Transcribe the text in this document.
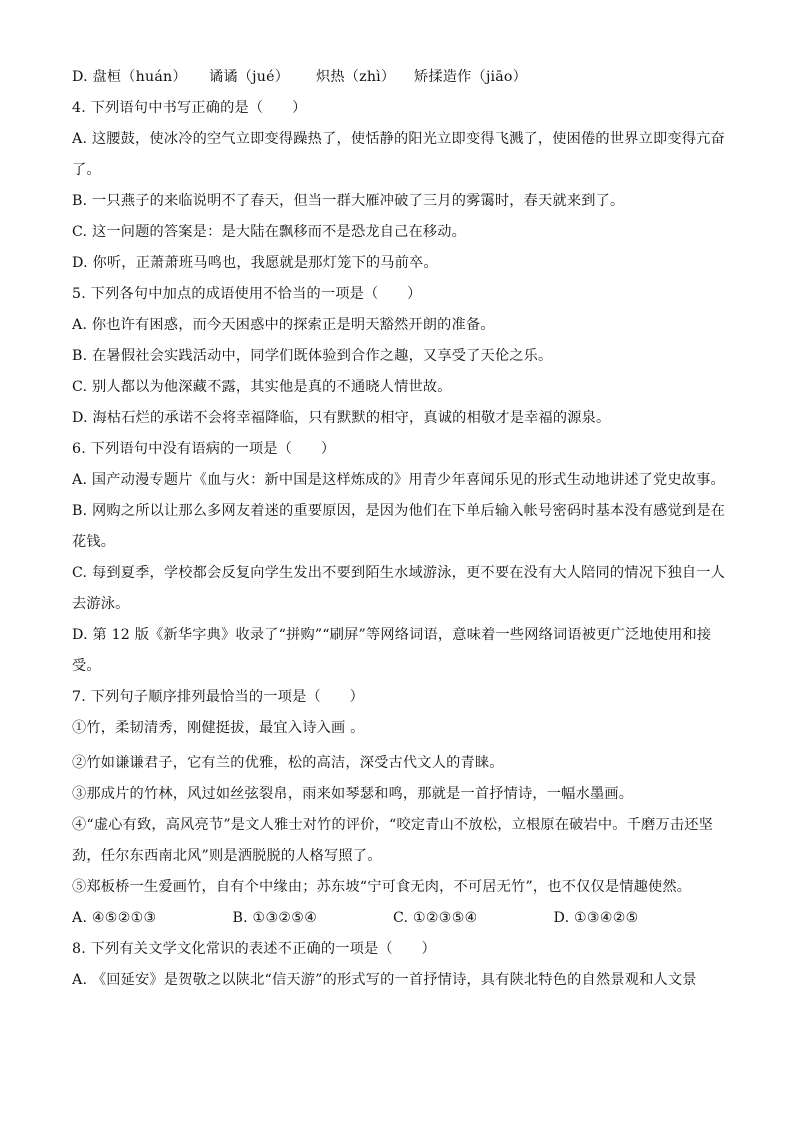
D. 盘桓（huán）	谲谲（jué）	炽热（zhì）	矫揉造作（jiāo）
4. 下列语句中书写正确的是（　　）
A. 这腰鼓，使冰冷的空气立即变得躁热了，使恬静的阳光立即变得飞溅了，使困倦的世界立即变得亢奋
了。
B. 一只燕子的来临说明不了春天，但当一群大雁冲破了三月的雾霭时，春天就来到了。
C. 这一问题的答案是：是大陆在飘移而不是恐龙自己在移动。
D. 你听，正萧萧班马鸣也，我愿就是那灯笼下的马前卒。
5. 下列各句中加点的成语使用不恰当的一项是（　　）
A. 你也许有困惑，而今天困惑中的探索正是明天豁然开朗的准备。
B. 在暑假社会实践活动中，同学们既体验到合作之趣，又享受了天伦之乐。
C. 别人都以为他深藏不露，其实他是真的不通晓人情世故。
D. 海枯石烂的承诺不会将幸福降临，只有默默的相守，真诚的相敬才是幸福的源泉。
6. 下列语句中没有语病的一项是（　　）
A. 国产动漫专题片《血与火：新中国是这样炼成的》用青少年喜闻乐见的形式生动地讲述了党史故事。
B. 网购之所以让那么多网友着迷的重要原因，是因为他们在下单后输入帐号密码时基本没有感觉到是在
花钱。
C. 每到夏季，学校都会反复向学生发出不要到陌生水域游泳，更不要在没有大人陪同的情况下独自一人
去游泳。
D. 第 12 版《新华字典》收录了“拼购”“刷屏”等网络词语，意味着一些网络词语被更广泛地使用和接
受。
7. 下列句子顺序排列最恰当的一项是（　　）
①竹，柔韧清秀，刚健挺拔，最宜入诗入画 。
②竹如谦谦君子，它有兰的优雅，松的高洁，深受古代文人的青睐。
③那成片的竹林，风过如丝弦裂帛，雨来如琴瑟和鸣，那就是一首抒情诗，一幅水墨画。
④“虚心有致，高风亮节”是文人雅士对竹的评价，“咬定青山不放松，立根原在破岩中。千磨万击还坚
劲，任尔东西南北风”则是洒脱脱的人格写照了。
⑤郑板桥一生爱画竹，自有个中缘由；苏东坡“宁可食无肉，不可居无竹”，也不仅仅是情趣使然。
A. ④⑤②①③	B. ①③②⑤④	C. ①②③⑤④	D. ①③④②⑤
8. 下列有关文学文化常识的表述不正确的一项是（　　）
A. 《回延安》是贺敬之以陕北“信天游”的形式写的一首抒情诗，具有陕北特色的自然景观和人文景
